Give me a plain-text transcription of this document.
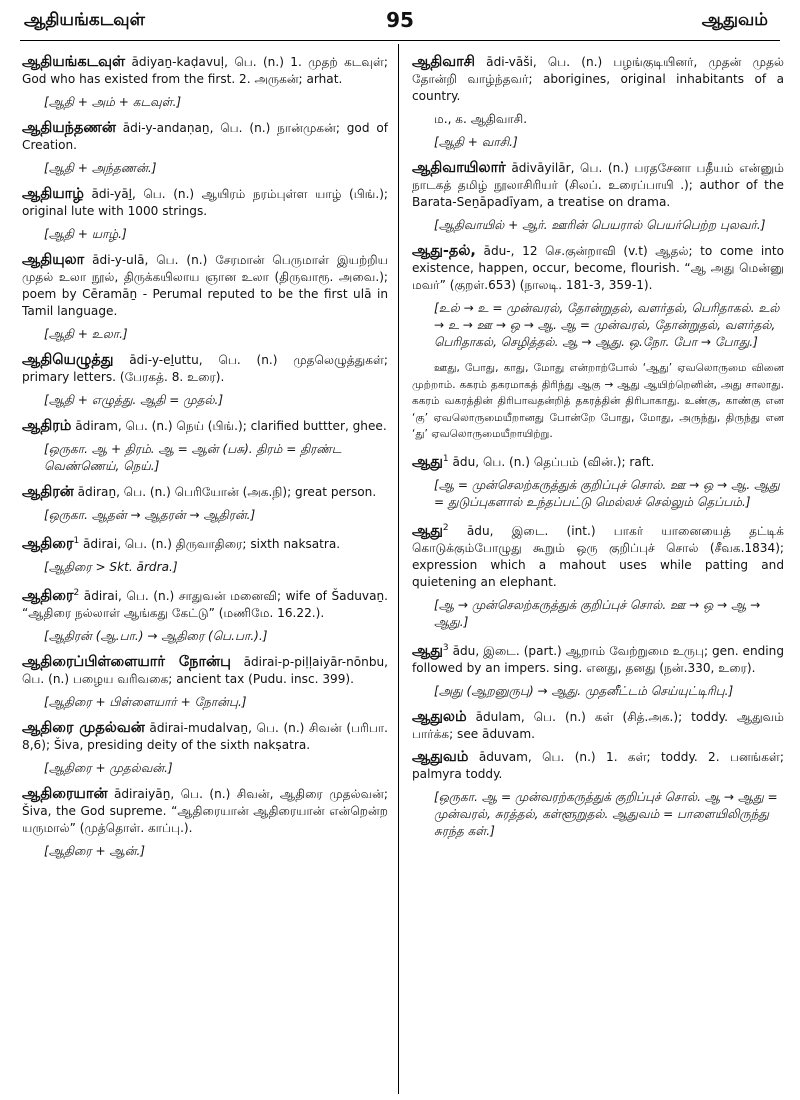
ஆதியங்கடவுள்	95	ஆதுவம்

ஆதியங்கடவுள் ādiyaṉ-kaḍavuḷ, பெ. (n.) 1. முதற் கடவுள்; God who has existed from the first. 2. அருகன்; arhat.

[ஆதி + அம் + கடவுள்.]

ஆதியந்தணன் ādi-y-andaṇaṉ, பெ. (n.) நான்முகன்; god of Creation.

[ஆதி + அந்தணன்.]

ஆதியாழ் ādi-yāḻ, பெ. (n.) ஆயிரம் நரம்புள்ள யாழ் (பிங்.); original lute with 1000 strings.

[ஆதி + யாழ்.]

ஆதியுலா ādi-y-ulā, பெ. (n.) சேரமான் பெருமாள் இயற்றிய முதல் உலா நூல், திருக்கயிலாய ஞான உலா (திருவாரூ. அவை.); poem by Cēramāṉ - Perumal reputed to be the first ulā in Tamil language.

[ஆதி + உலா.]

ஆதியெழுத்து ādi-y-eḻuttu, பெ. (n.) முதலெழுத்துகள்; primary letters. (பேரகத். 8. உரை).

[ஆதி + எழுத்து. ஆதி = முதல்.]

ஆதிரம் ādiram, பெ. (n.) நெய் (பிங்.); clarified buttter, ghee.

[ஒருகா. ஆ + திரம். ஆ = ஆன் (பசு). திரம் = திரண்ட வெண்ணெய், நெய்.]

ஆதிரன் ādiraṉ, பெ. (n.) பெரியோன் (அக.நி); great person.

[ஒருகா. ஆதன் → ஆதரன் → ஆதிரன்.]

ஆதிரை$^1$ ādirai, பெ. (n.) திருவாதிரை; sixth naksatra.

[ஆதிரை > Skt. ārdra.]

ஆதிரை$^2$ ādirai, பெ. (n.) சாதுவன் மனைவி; wife of Šaduvaṉ. “ஆதிரை நல்லாள் ஆங்கது கேட்டு” (மணிமே. 16.22.).

[ஆதிரன் (ஆ.பா.) → ஆதிரை (பெ.பா.).]

ஆதிரைப்பிள்ளையார் நோன்பு ādirai-p-piḷḷaiyār-nōnbu, பெ. (n.) பழைய வரிவகை; ancient tax (Pudu. insc. 399).

[ஆதிரை + பிள்ளையார் + நோன்பு.]

ஆதிரை முதல்வன் ādirai-mudalvaṉ, பெ. (n.) சிவன் (பரிபா. 8,6); Šiva, presiding deity of the sixth nakṣatra.

[ஆதிரை + முதல்வன்.]

ஆதிரையான் ādiraiyāṉ, பெ. (n.) சிவன், ஆதிரை முதல்வன்; Šiva, the God supreme. “ஆதிரையான் ஆதிரையான் என்றென்ற யருமால்” (முத்தொள். காப்பு.).

[ஆதிரை + ஆன்.]

ஆதிவாசி ādi-vāši, பெ. (n.) பழங்குடியினர், முதன் முதல் தோன்றி வாழ்ந்தவர்; aborigines, original inhabitants of a country.

ம., க. ஆதிவாசி.

[ஆதி + வாசி.]

ஆதிவாயிலார் ādivāyilār, பெ. (n.) பரதசேனா பதீயம் என்னும் நாடகத் தமிழ் நூலாசிரியர் (சிலப். உரைப்பாயி .); author of the Barata-Seṉāpadīyam, a treatise on drama.

[ஆதிவாயில் + ஆர். ஊரின் பெயரால் பெயர்பெற்ற புலவர்.]

ஆது-தல், ādu-, 12 செ.குன்றாவி (v.t) ஆதல்; to come into existence, happen, occur, become, flourish. “ஆ அது மென்னு மவர்” (குறள்.653) (நாலடி. 181-3, 359-1).

[உல் → உ = முன்வரல், தோன்றுதல், வளர்தல், பெரிதாகல். உல் → உ → ஊ → ஒ → ஆ. ஆ = முன்வரல், தோன்றுதல், வளர்தல், பெரிதாகல், செழித்தல். ஆ → ஆது. ஒ.நோ. போ → போது.]

ஊது, போது, காது, மோது என்றாற்போல் ‘ஆது’ ஏவலொருமை வினை முற்றாம். ககரம் தகரமாகத் திரிந்து ஆகு → ஆது ஆயிற்றெனின், அது சாலாது. ககரம் வகரத்தின் திரிபாவதன்றித் தகரத்தின் திரிபாகாது. உண்கு, காண்கு என ‘கு’ ஏவலொருமையீறானது போன்றே போது, மோது, அருந்து, திருந்து என ‘து’ ஏவலொருமையீறாயிற்று.

ஆது$^1$ ādu, பெ. (n.) தெப்பம் (வின்.); raft.

[ஆ = முன்செலற்கருத்துக் குறிப்புச் சொல். ஊ → ஒ → ஆ. ஆது = துடுப்புகளால் உந்தப்பட்டு மெல்லச் செல்லும் தெப்பம்.]

ஆது$^2$ ādu, இடை. (int.) பாகர் யானையைத் தட்டிக் கொடுக்கும்போழுது கூறும் ஒரு குறிப்புச் சொல் (சீவக.1834); expression which a mahout uses while patting and quietening an elephant.

[ஆ → முன்செலற்கருத்துக் குறிப்புச் சொல். ஊ → ஒ → ஆ → ஆது.]

ஆது$^3$ ādu, இடை. (part.) ஆறாம் வேற்றுமை உருபு; gen. ending followed by an impers. sing. எனது, தனது (நன்.330, உரை).

[அது (ஆறனுருபு) → ஆது. முதனீட்டம் செய்யுட்டிரிபு.]

ஆதுலம் ādulam, பெ. (n.) கள் (சித்.அக.); toddy. ஆதுவம் பார்க்க; see āduvam.

ஆதுவம் āduvam, பெ. (n.) 1. கள்; toddy. 2. பனங்கள்; palmyra toddy.

[ஒருகா. ஆ = முன்வரற்கருத்துக் குறிப்புச் சொல். ஆ → ஆது = முன்வரல், சுரத்தல், கள்ளூறுதல். ஆதுவம் = பாளையிலிருந்து சுரந்த கள்.]
